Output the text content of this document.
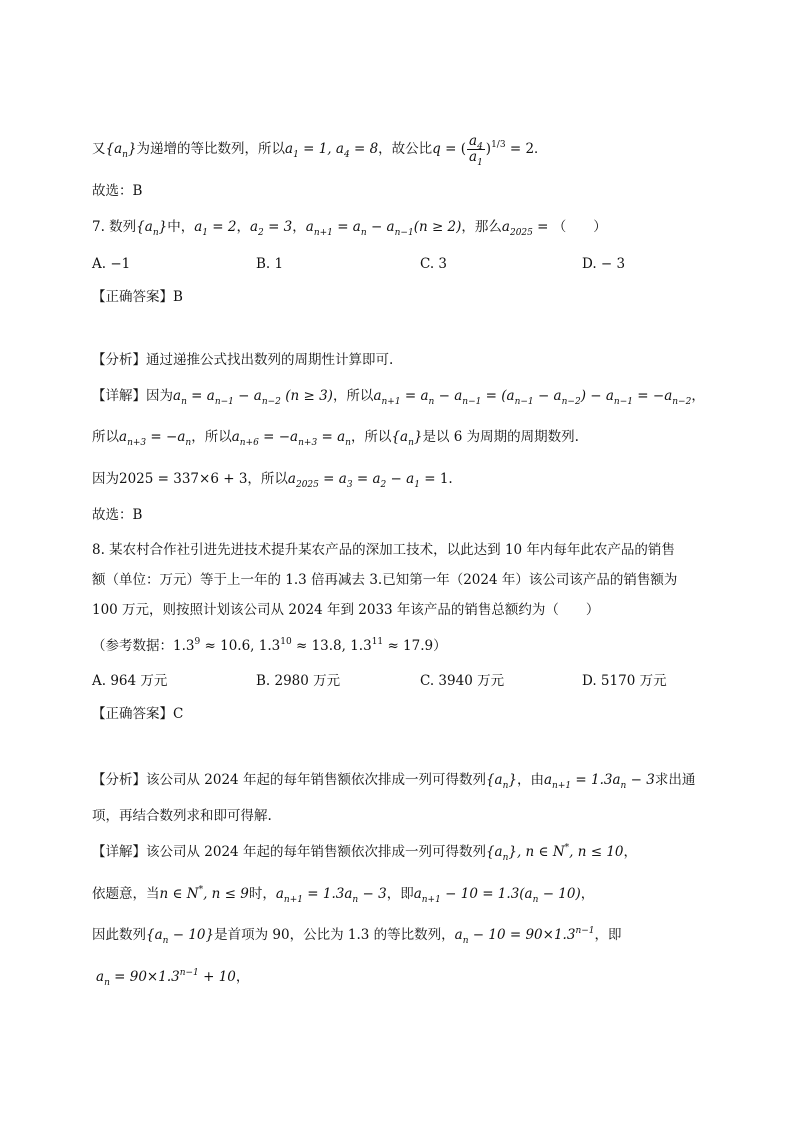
又$\{a_n\}$为递增的等比数列，所以$a_1 = 1$, $a_4 = 8$，故公比q = ( $\frac{a_4}{a_1} )^{1/3} = 2$．
故选：B
7. 数列$\{a_n\}$中，$a_1 = 2$，$a_2 = 3$，$a_{n+1} = a_n - a_{n-1}(n \ge 2)$，那么$a_{2025}$ = （　　）
A. −1	B. 1	C. 3	D. − 3
【正确答案】B
【分析】通过递推公式找出数列的周期性计算即可.
【详解】因为$a_n = a_{n-1} - a_{n-2}$ (n ≥ 3)，所以$a_{n+1} = a_n - a_{n-1} = (a_{n-1} - a_{n-2}) - a_{n-1} = -a_{n-2}$，
所以$a_{n+3} = -a_n$，所以$a_{n+6} = -a_{n+3} = a_n$，所以$\{a_n\}$是以 6 为周期的周期数列.
因为2025 = 337×6 + 3，所以$a_{2025} = a_3 = a_2 - a_1 = 1$.
故选：B
8. 某农村合作社引进先进技术提升某农产品的深加工技术，以此达到 10 年内每年此农产品的销售
额（单位：万元）等于上一年的 1.3 倍再减去 3.已知第一年（2024 年）该公司该产品的销售额为
100 万元，则按照计划该公司从 2024 年到 2033 年该产品的销售总额约为（　　）
（参考数据：$1.3^9 \approx 10.6$, $1.3^{10} \approx 13.8$, $1.3^{11} \approx 17.9$）
A. 964 万元	B. 2980 万元	C. 3940 万元	D. 5170 万元
【正确答案】C
【分析】该公司从 2024 年起的每年销售额依次排成一列可得数列$\{a_n\}$，由$a_{n+1} = 1.3a_n - 3$求出通
项，再结合数列求和即可得解.
【详解】该公司从 2024 年起的每年销售额依次排成一列可得数列$\{a_n\}$, n ∈ N*, n ≤ 10，
依题意，当n ∈ N*, n ≤ 9时，$a_{n+1} = 1.3a_n - 3$，即$a_{n+1} - 10 = 1.3(a_n - 10)$，
因此数列$\{a_n - 10\}$是首项为 90，公比为 1.3 的等比数列，$a_n - 10 = 90\times 1.3^{n-1}$，即
$a_n = 90\times 1.3^{n-1} + 10$，
